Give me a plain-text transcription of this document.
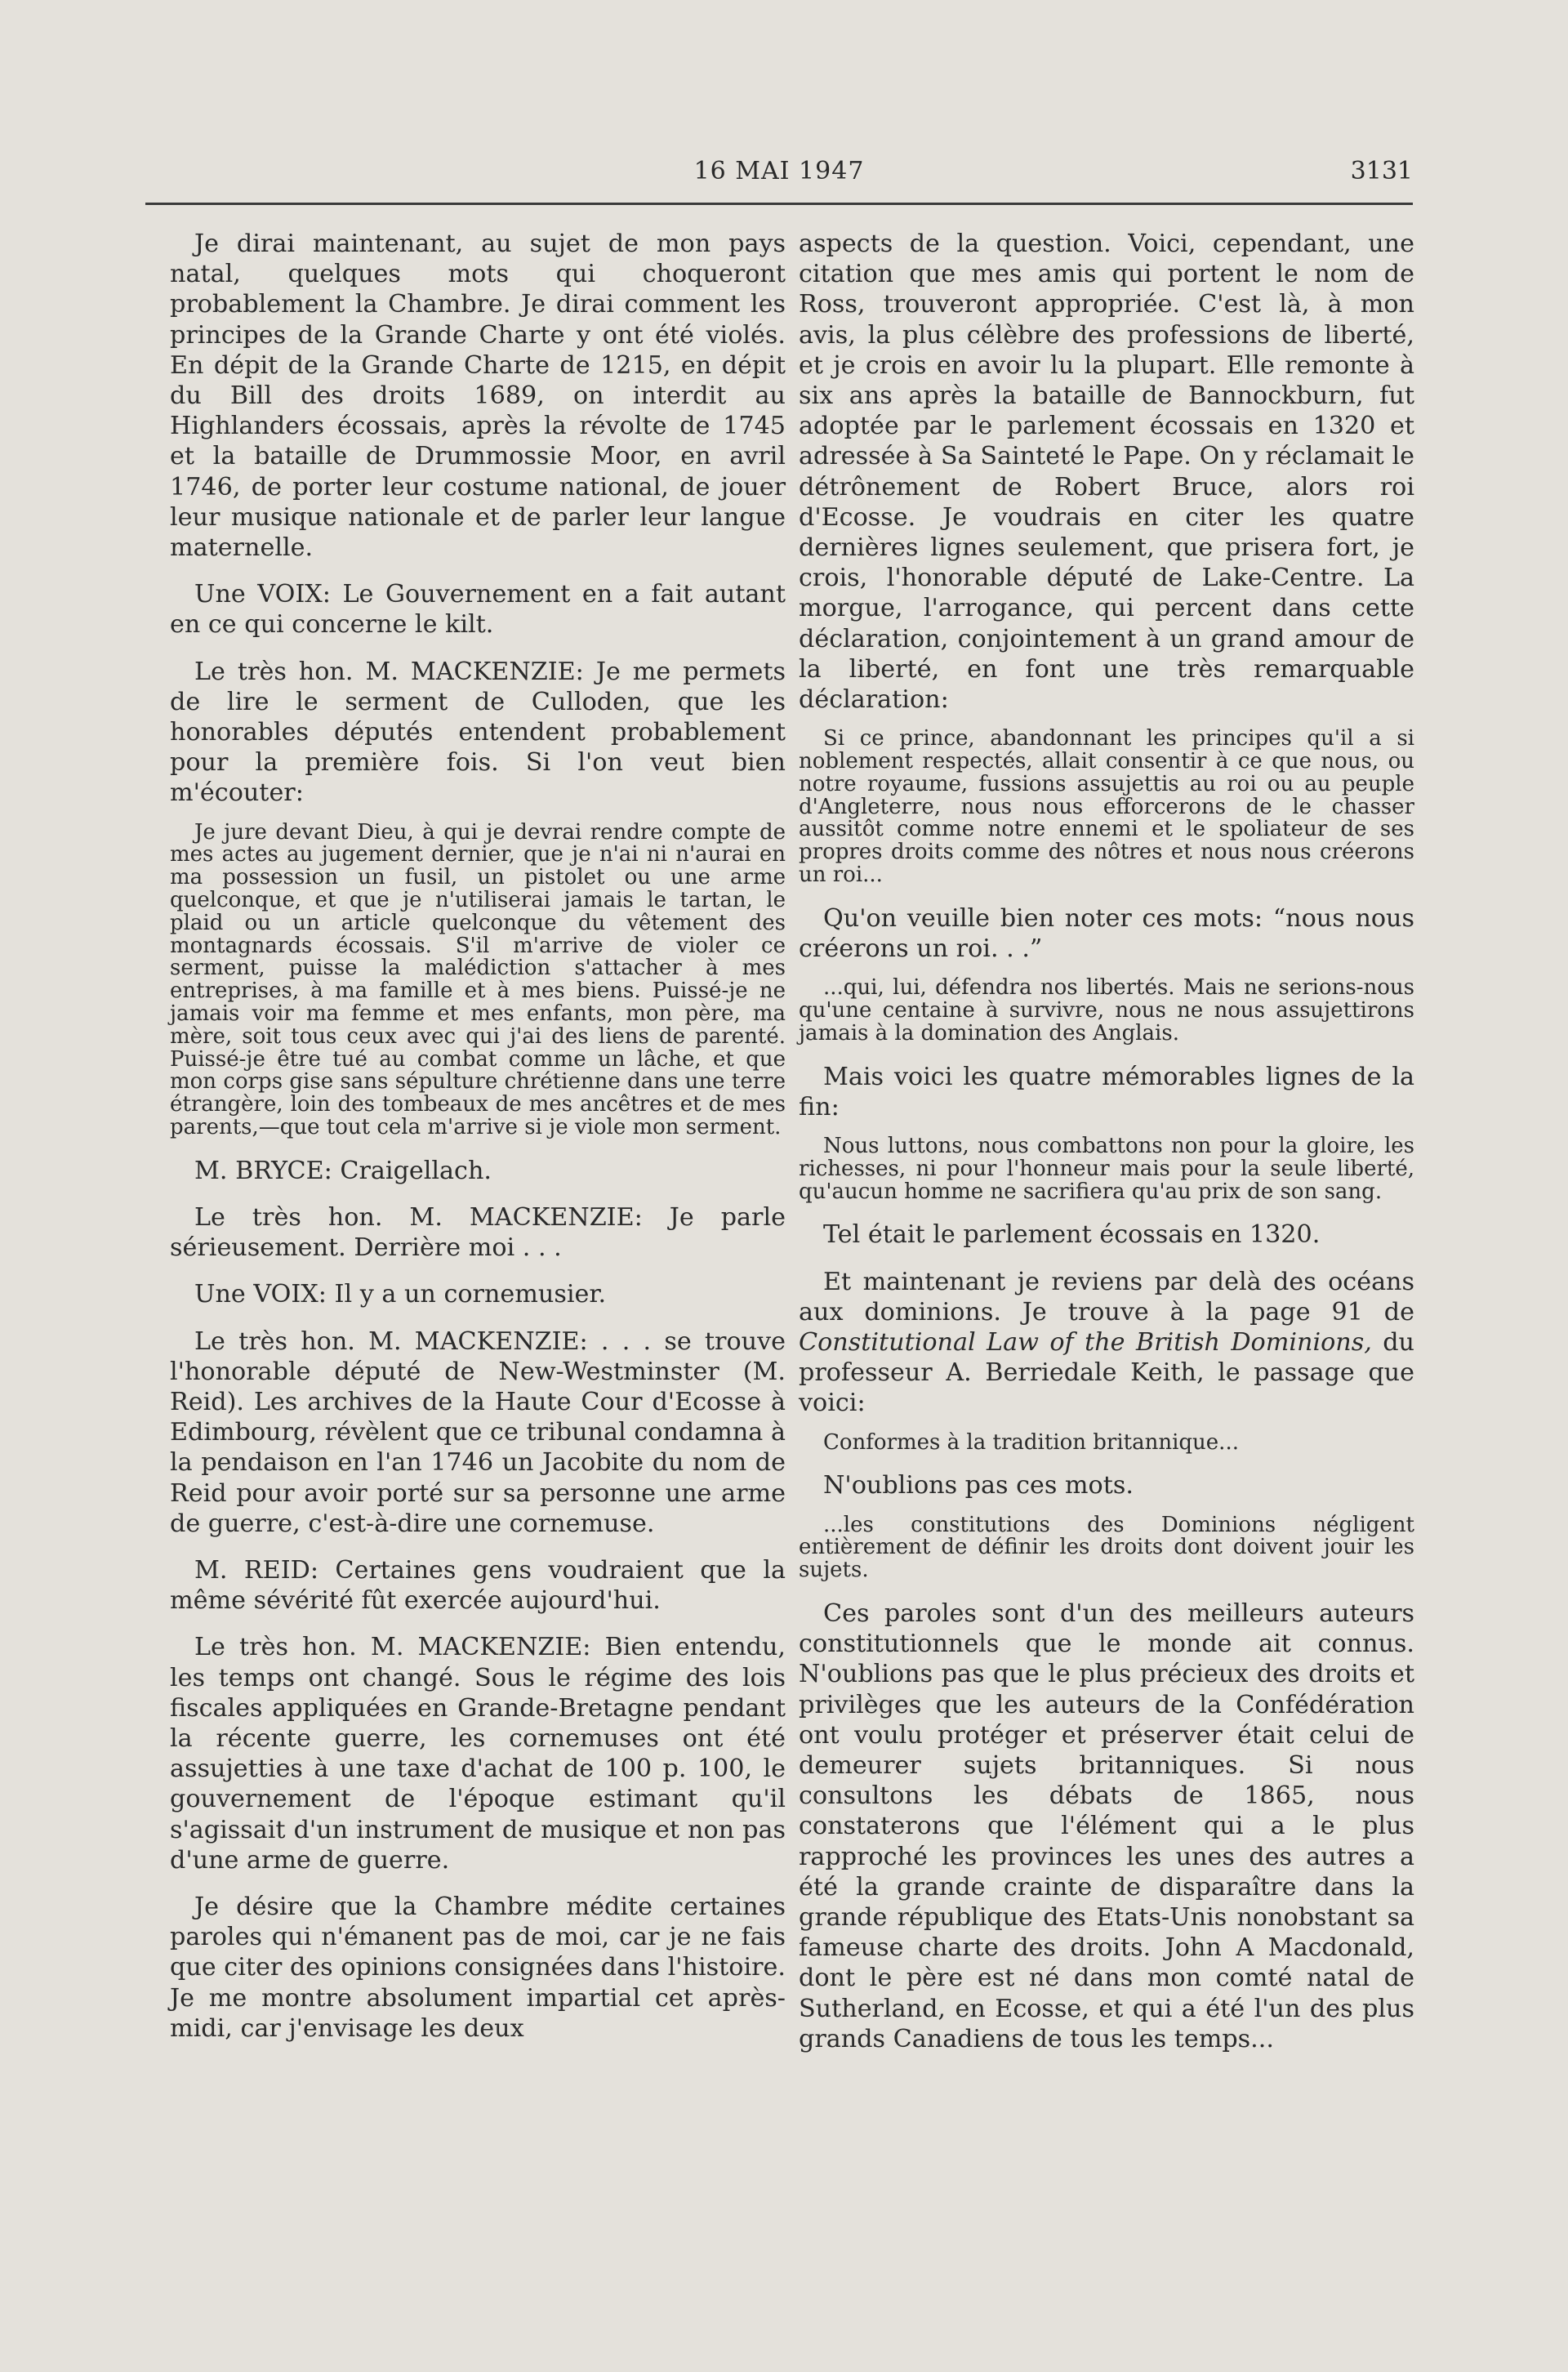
16 MAI 1947	3131

Je dirai maintenant, au sujet de mon pays natal, quelques mots qui choqueront probablement la Chambre. Je dirai comment les principes de la Grande Charte y ont été violés. En dépit de la Grande Charte de 1215, en dépit du Bill des droits 1689, on interdit au Highlanders écossais, après la révolte de 1745 et la bataille de Drummossie Moor, en avril 1746, de porter leur costume national, de jouer leur musique nationale et de parler leur langue maternelle.

Une VOIX: Le Gouvernement en a fait autant en ce qui concerne le kilt.

Le très hon. M. MACKENZIE: Je me permets de lire le serment de Culloden, que les honorables députés entendent probablement pour la première fois. Si l'on veut bien m'écouter:

Je jure devant Dieu, à qui je devrai rendre compte de mes actes au jugement dernier, que je n'ai ni n'aurai en ma possession un fusil, un pistolet ou une arme quelconque, et que je n'utiliserai jamais le tartan, le plaid ou un article quelconque du vêtement des montagnards écossais. S'il m'arrive de violer ce serment, puisse la malédiction s'attacher à mes entreprises, à ma famille et à mes biens. Puissé-je ne jamais voir ma femme et mes enfants, mon père, ma mère, soit tous ceux avec qui j'ai des liens de parenté. Puissé-je être tué au combat comme un lâche, et que mon corps gise sans sépulture chrétienne dans une terre étrangère, loin des tombeaux de mes ancêtres et de mes parents,—que tout cela m'arrive si je viole mon serment.

M. BRYCE: Craigellach.

Le très hon. M. MACKENZIE: Je parle sérieusement. Derrière moi . . .

Une VOIX: Il y a un cornemusier.

Le très hon. M. MACKENZIE: . . . se trouve l'honorable député de New-Westminster (M. Reid). Les archives de la Haute Cour d'Ecosse à Edimbourg, révèlent que ce tribunal condamna à la pendaison en l'an 1746 un Jacobite du nom de Reid pour avoir porté sur sa personne une arme de guerre, c'est-à-dire une cornemuse.

M. REID: Certaines gens voudraient que la même sévérité fût exercée aujourd'hui.

Le très hon. M. MACKENZIE: Bien entendu, les temps ont changé. Sous le régime des lois fiscales appliquées en Grande-Bretagne pendant la récente guerre, les cornemuses ont été assujetties à une taxe d'achat de 100 p. 100, le gouvernement de l'époque estimant qu'il s'agissait d'un instrument de musique et non pas d'une arme de guerre.

Je désire que la Chambre médite certaines paroles qui n'émanent pas de moi, car je ne fais que citer des opinions consignées dans l'histoire. Je me montre absolument impartial cet après-midi, car j'envisage les deux

aspects de la question. Voici, cependant, une citation que mes amis qui portent le nom de Ross, trouveront appropriée. C'est là, à mon avis, la plus célèbre des professions de liberté, et je crois en avoir lu la plupart. Elle remonte à six ans après la bataille de Bannockburn, fut adoptée par le parlement écossais en 1320 et adressée à Sa Sainteté le Pape. On y réclamait le détrônement de Robert Bruce, alors roi d'Ecosse. Je voudrais en citer les quatre dernières lignes seulement, que prisera fort, je crois, l'honorable député de Lake-Centre. La morgue, l'arrogance, qui percent dans cette déclaration, conjointement à un grand amour de la liberté, en font une très remarquable déclaration:

Si ce prince, abandonnant les principes qu'il a si noblement respectés, allait consentir à ce que nous, ou notre royaume, fussions assujettis au roi ou au peuple d'Angleterre, nous nous efforcerons de le chasser aussitôt comme notre ennemi et le spoliateur de ses propres droits comme des nôtres et nous nous créerons un roi...

Qu'on veuille bien noter ces mots: “nous nous créerons un roi. . .”

...qui, lui, défendra nos libertés. Mais ne serions-nous qu'une centaine à survivre, nous ne nous assujettirons jamais à la domination des Anglais.

Mais voici les quatre mémorables lignes de la fin:

Nous luttons, nous combattons non pour la gloire, les richesses, ni pour l'honneur mais pour la seule liberté, qu'aucun homme ne sacrifiera qu'au prix de son sang.

Tel était le parlement écossais en 1320.

Et maintenant je reviens par delà des océans aux dominions. Je trouve à la page 91 de Constitutional Law of the British Dominions, du professeur A. Berriedale Keith, le passage que voici:

Conformes à la tradition britannique...

N'oublions pas ces mots.

...les constitutions des Dominions négligent entièrement de définir les droits dont doivent jouir les sujets.

Ces paroles sont d'un des meilleurs auteurs constitutionnels que le monde ait connus. N'oublions pas que le plus précieux des droits et privilèges que les auteurs de la Confédération ont voulu protéger et préserver était celui de demeurer sujets britanniques. Si nous consultons les débats de 1865, nous constaterons que l'élément qui a le plus rapproché les provinces les unes des autres a été la grande crainte de disparaître dans la grande république des Etats-Unis nonobstant sa fameuse charte des droits. John A Macdonald, dont le père est né dans mon comté natal de Sutherland, en Ecosse, et qui a été l'un des plus grands Canadiens de tous les temps...
